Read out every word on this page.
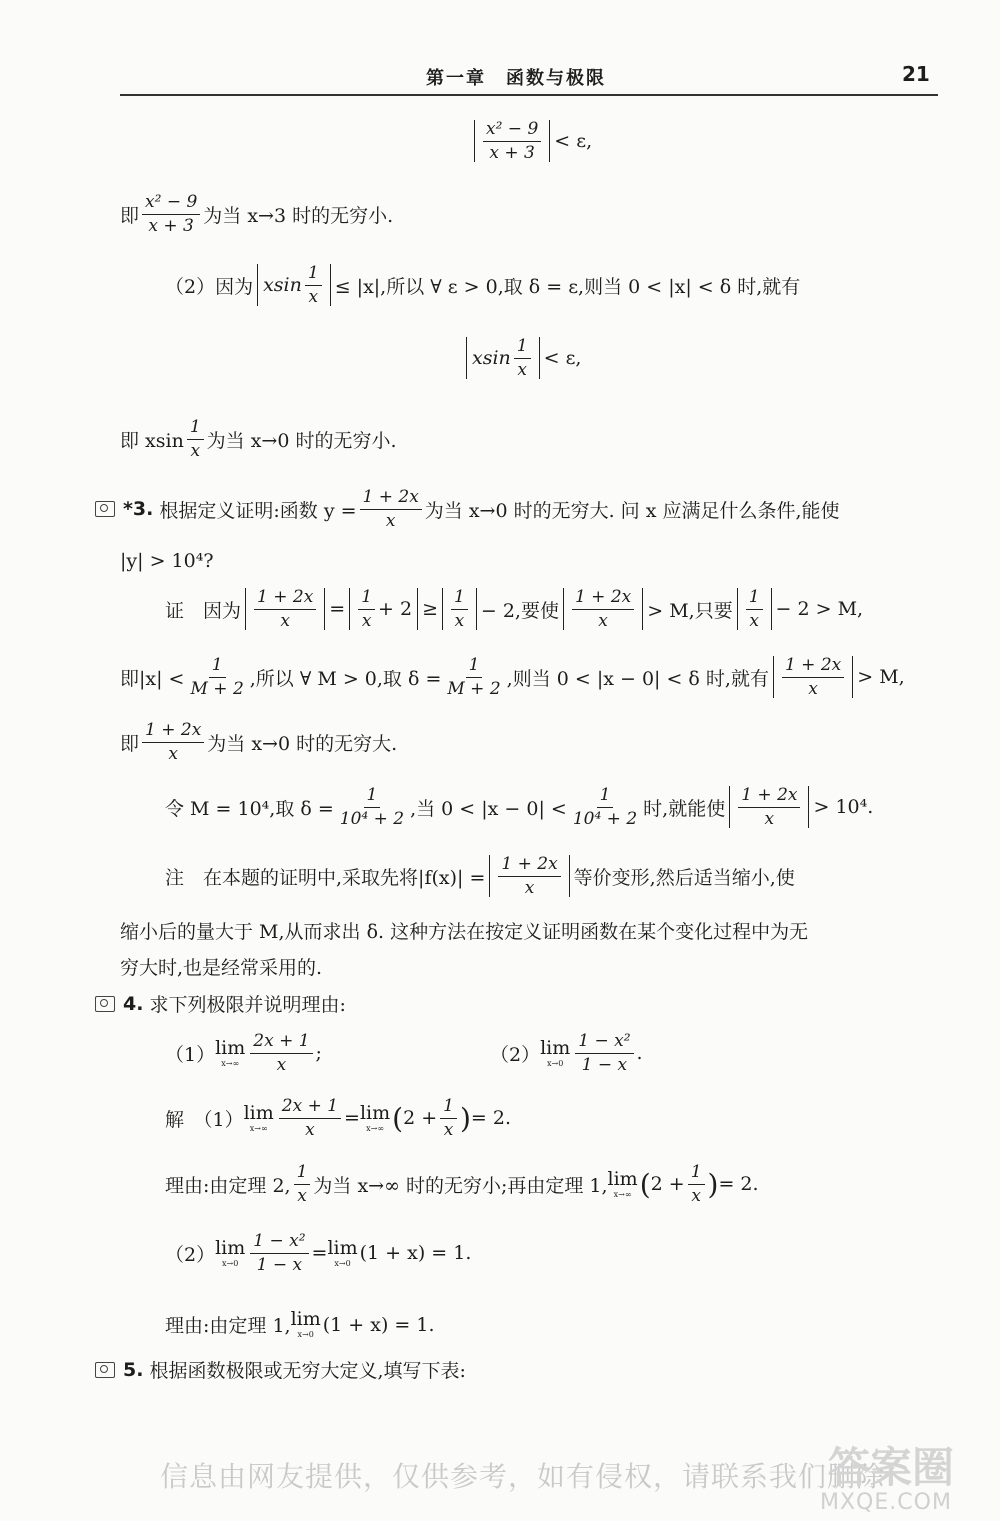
第一章　函数与极限	21
$\frac{\text{x² − 9}}{x + 3} < \varepsilon$,
即 $\frac{\text{x² − 9}}{x + 3}$ 为当 x→3 时的无穷小.
（2）因为 xsin $\frac{1}{x} \le |x|$,所以 ∀ ε > 0,取 δ = ε,则当 0 < |x| < δ 时,就有
xsin $\frac{1}{x} < \varepsilon$,
即 xsin $\frac{1}{x}$ 为当 x→0 时的无穷小.
*3. 根据定义证明:函数 $y = \frac{1 + 2x}{x}$ 为当 x→0 时的无穷大. 问 x 应满足什么条件,能使
|y| > 10⁴?
证　因为 $\frac{1 + 2x}{x} = \frac{1}{x} + 2 \ge \frac{1}{x} - 2$,要使 $\frac{1 + 2x}{x} > M$,只要 $\frac{1}{x} - 2 > M$,
即$|x| < \frac{1}{M + 2}$ ,所以 ∀ M > 0,取 $\delta = \frac{1}{M + 2}$ ,则当 0 < |x − 0| < δ 时,就有 $\frac{1 + 2x}{x} > M$,
即 $\frac{1 + 2x}{x}$ 为当 x→0 时的无穷大.
令 M = 10⁴,取 $\delta = \frac{1}{\text{10⁴ + 2}}$ ,当 $0 < |x - 0| < \frac{1}{\text{10⁴ + 2}}$ 时,就能使 $\frac{1 + 2x}{x} > 10^4$.
注　在本题的证明中,采取先将$|f(x)| = \frac{1 + 2x}{x}$ 等价变形,然后适当缩小,使
缩小后的量大于 M,从而求出 δ. 这种方法在按定义证明函数在某个变化过程中为无
穷大时,也是经常采用的.
4. 求下列极限并说明理由:
（1） lim
$x\to\infty \frac{2x + 1}{x}$ ;	（2） lim
$x\to 0 \frac{\text{1 − x²}}{1 - x}$ .
解　（1） lim
$x\to\infty \frac{2x + 1}{x} = \lim$
x→∞ ( $2 + \frac{1}{x}$ ) = 2.
理由:由定理 2, $\frac{1}{x}$ 为当 x→∞ 时的无穷小;再由定理 1, lim
x→∞ ( $2 + \frac{1}{x}$ ) = 2.
（2） lim
$x\to 0 \frac{\text{1 − x²}}{1 - x} = \lim$
x→0 (1 + x) = 1.
理由:由定理 1, lim
x→0 (1 + x) = 1.
5. 根据函数极限或无穷大定义,填写下表:
信息由网友提供，仅供参考，如有侵权，请联系我们删除
答案圈
MXQE.COM
